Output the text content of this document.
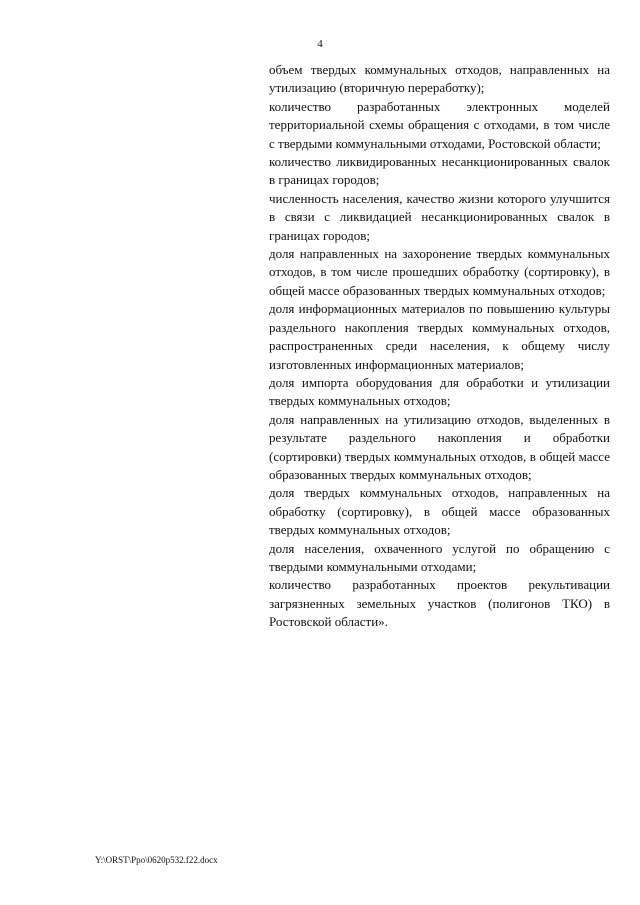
4

объем твердых коммунальных отходов, направленных на утилизацию (вторичную переработку);

количество разработанных электронных моделей территориальной схемы обращения с отходами, в том числе с твердыми коммунальными отходами, Ростовской области;

количество ликвидированных несанкционированных свалок в границах городов;

численность населения, качество жизни которого улучшится в связи с ликвидацией несанкционированных свалок в границах городов;

доля направленных на захоронение твердых коммунальных отходов, в том числе прошедших обработку (сортировку), в общей массе образованных твердых коммунальных отходов;

доля информационных материалов по повышению культуры раздельного накопления твердых коммунальных отходов, распространенных среди населения, к общему числу изготовленных информационных материалов;

доля импорта оборудования для обработки и утилизации твердых коммунальных отходов;

доля направленных на утилизацию отходов, выделенных в результате раздельного накопления и обработки (сортировки) твердых коммунальных отходов, в общей массе образованных твердых коммунальных отходов;

доля твердых коммунальных отходов, направленных на обработку (сортировку), в общей массе образованных твердых коммунальных отходов;

доля населения, охваченного услугой по обращению с твердыми коммунальными отходами;

количество разработанных проектов рекультивации загрязненных земельных участков (полигонов ТКО) в Ростовской области».

Y:\ORST\Ppo\0620p532.f22.docx
